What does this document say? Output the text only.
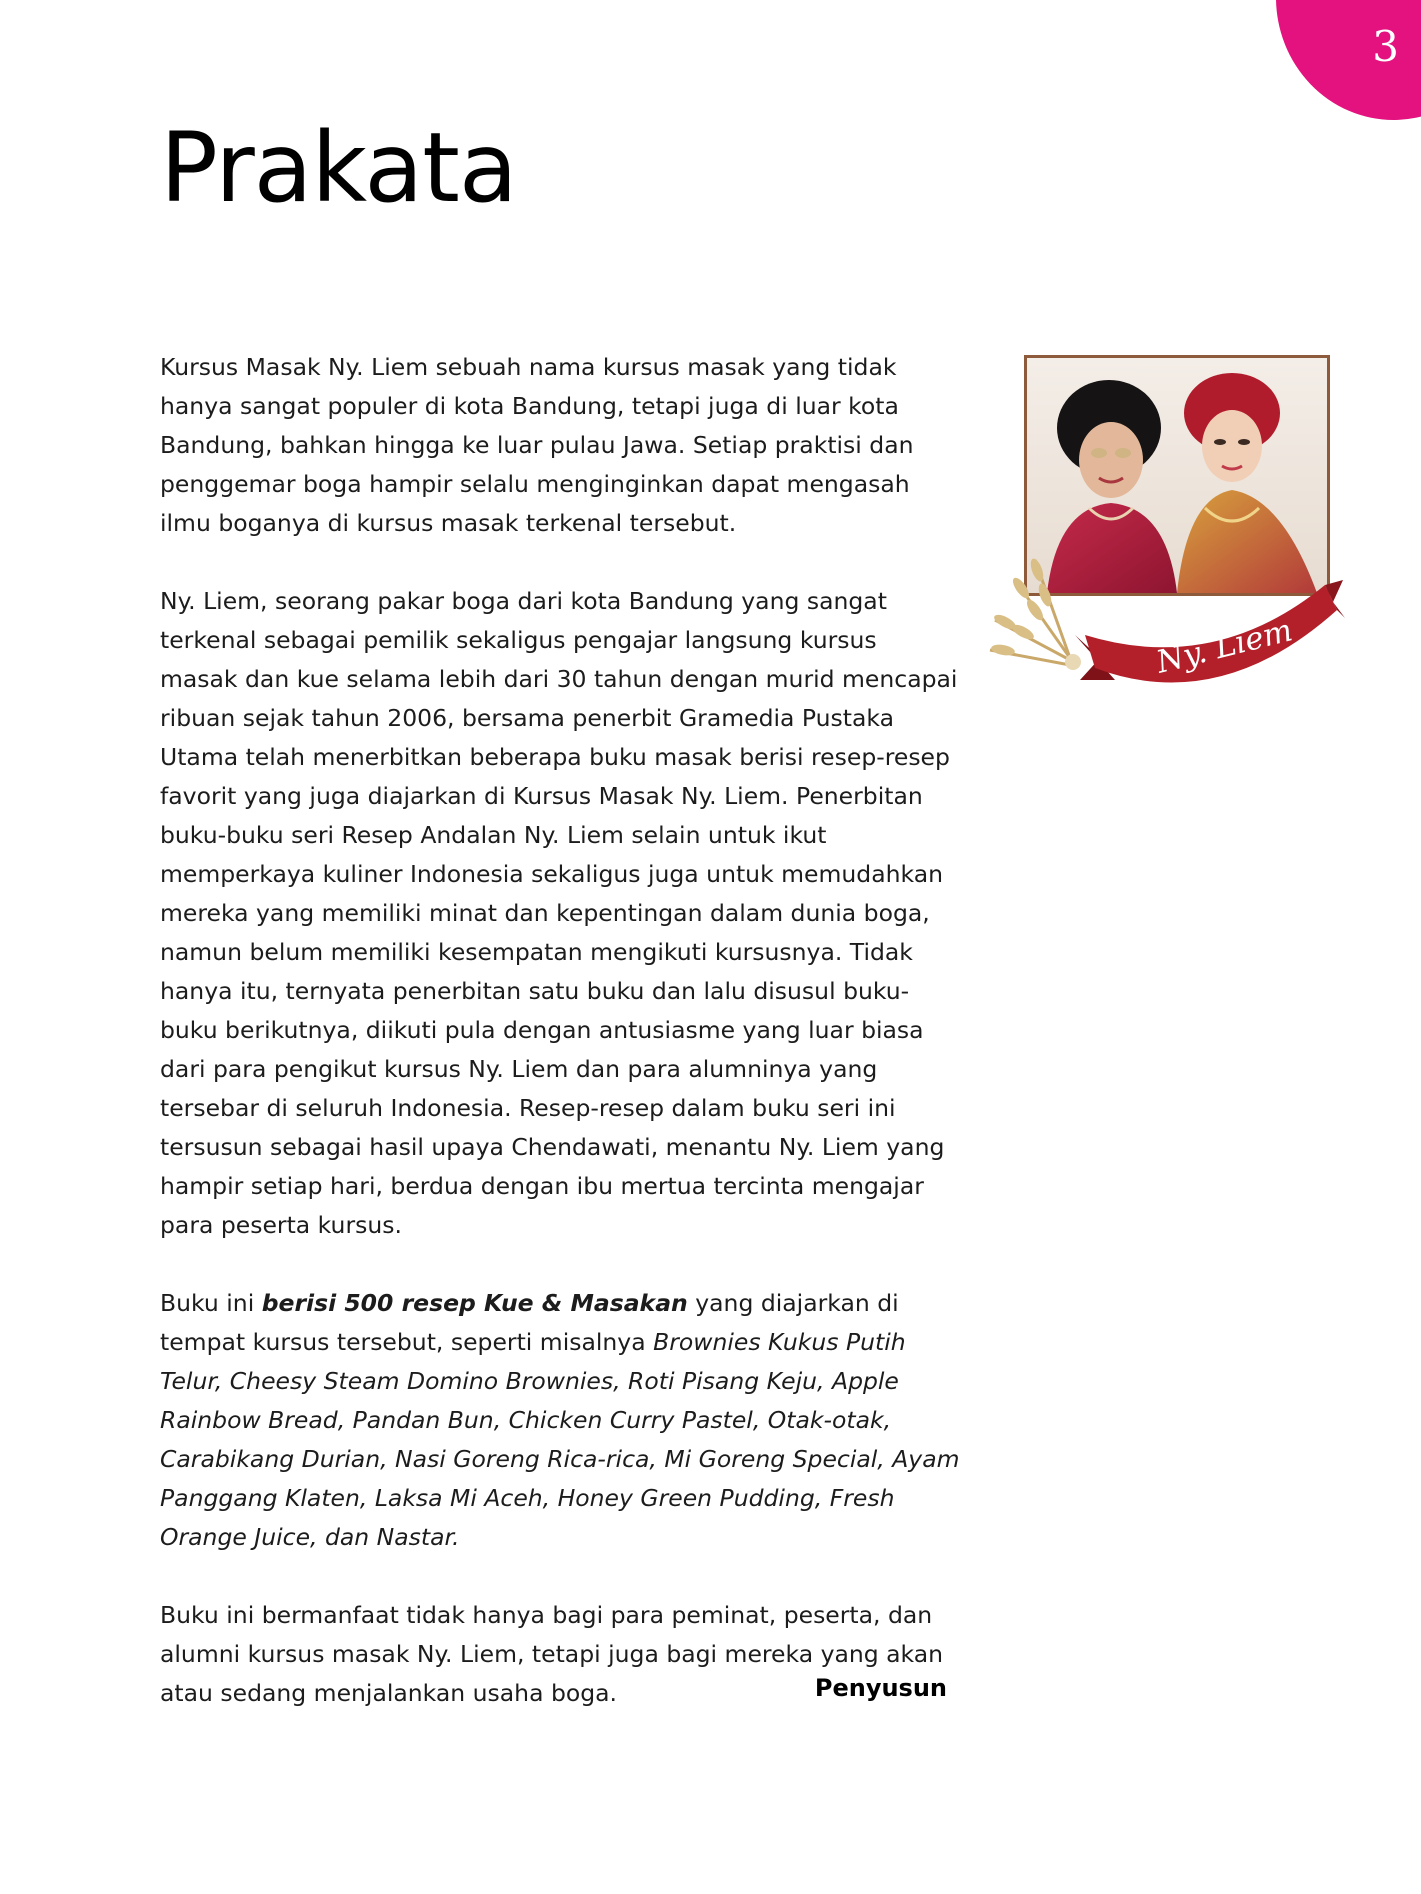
3
Prakata

Kursus Masak Ny. Liem sebuah nama kursus masak yang tidak hanya sangat populer di kota Bandung, tetapi juga di luar kota Bandung, bahkan hingga ke luar pulau Jawa. Setiap praktisi dan penggemar boga hampir selalu menginginkan dapat mengasah ilmu boganya di kursus masak terkenal tersebut.

Ny. Liem, seorang pakar boga dari kota Bandung yang sangat terkenal sebagai pemilik sekaligus pengajar langsung kursus masak dan kue selama lebih dari 30 tahun dengan murid mencapai ribuan sejak tahun 2006, bersama penerbit Gramedia Pustaka Utama telah menerbitkan beberapa buku masak berisi resep-resep favorit yang juga diajarkan di Kursus Masak Ny. Liem. Penerbitan buku-buku seri Resep Andalan Ny. Liem selain untuk ikut memperkaya kuliner Indonesia sekaligus juga untuk memudahkan mereka yang memiliki minat dan kepentingan dalam dunia boga, namun belum memiliki kesempatan mengikuti kursusnya. Tidak hanya itu, ternyata penerbitan satu buku dan lalu disusul buku-buku berikutnya, diikuti pula dengan antusiasme yang luar biasa dari para pengikut kursus Ny. Liem dan para alumninya yang tersebar di seluruh Indonesia. Resep-resep dalam buku seri ini tersusun sebagai hasil upaya Chendawati, menantu Ny. Liem yang hampir setiap hari, berdua dengan ibu mertua tercinta mengajar para peserta kursus.

Buku ini berisi 500 resep Kue & Masakan yang diajarkan di tempat kursus tersebut, seperti misalnya Brownies Kukus Putih Telur, Cheesy Steam Domino Brownies, Roti Pisang Keju, Apple Rainbow Bread, Pandan Bun, Chicken Curry Pastel, Otak-otak, Carabikang Durian, Nasi Goreng Rica-rica, Mi Goreng Special, Ayam Panggang Klaten, Laksa Mi Aceh, Honey Green Pudding, Fresh Orange Juice, dan Nastar.

Buku ini bermanfaat tidak hanya bagi para peminat, peserta, dan alumni kursus masak Ny. Liem, tetapi juga bagi mereka yang akan atau sedang menjalankan usaha boga.	Penyusun
Ny. Liem
